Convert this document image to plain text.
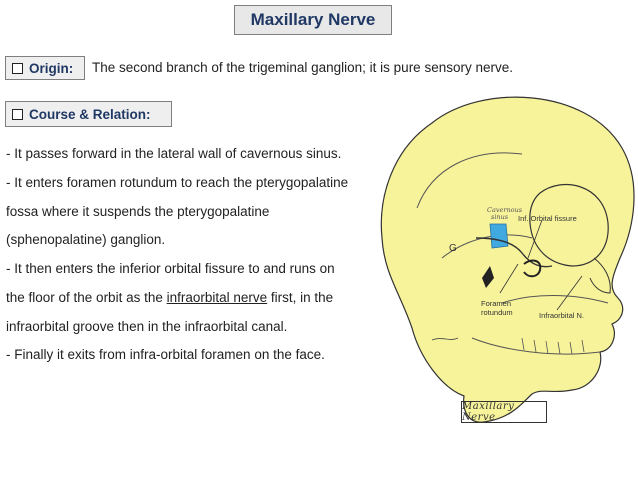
Maxillary Nerve
Origin: The second branch of the trigeminal ganglion; it is pure sensory nerve.
Course & Relation:
Inf. Orbital fissure
Foramen
rotundum	Infraorbital N.
G
Cavernous
sinus
Maxillary Nerve
- It passes forward in the lateral wall of cavernous sinus.
- It enters foramen rotundum to reach the pterygopalatine
fossa where it suspends the pterygopalatine
(sphenopalatine) ganglion.
- It then enters the inferior orbital fissure to and runs on
the floor of the orbit as the infraorbital nerve first, in the
infraorbital groove then in the infraorbital canal.
- Finally it exits from infra-orbital foramen on the face.
